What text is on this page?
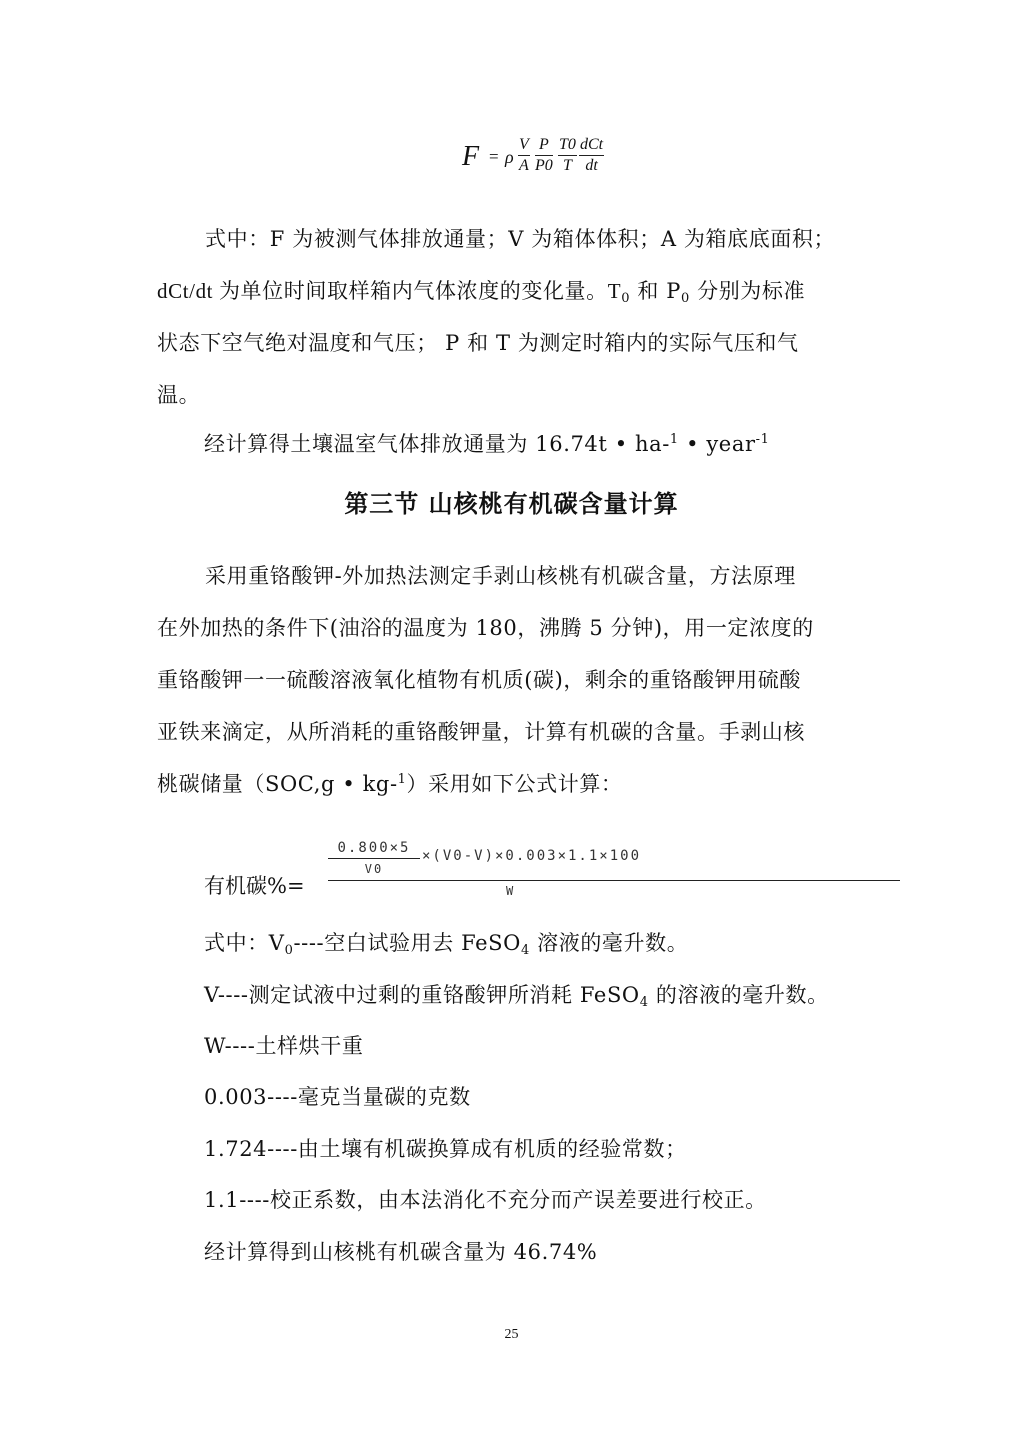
F = ρ $\frac{V}{A} \frac{P}{P0} \frac{T0}{T}$ dCt
dt
式中：F 为被测气体排放通量；V 为箱体体积；A 为箱底底面积；
dCt/dt 为单位时间取样箱内气体浓度的变化量。$T_0$ 和 $P_0$ 分别为标准
状态下空气绝对温度和气压； P 和 T 为测定时箱内的实际气压和气
温。
经计算得土壤温室气体排放通量为 16.74t • ha-$^1$ • year$^{-1}$
第三节 山核桃有机碳含量计算
采用重铬酸钾-外加热法测定手剥山核桃有机碳含量，方法原理
在外加热的条件下(油浴的温度为 180，沸腾 5 分钟)，用一定浓度的
重铬酸钾一一硫酸溶液氧化植物有机质(碳)，剩余的重铬酸钾用硫酸
亚铁来滴定，从所消耗的重铬酸钾量，计算有机碳的含量。手剥山核
桃碳储量（SOC,g • kg-$^1$）采用如下公式计算：
有机碳%=
0.800×5
V0
×(V0-V)×0.003×1.1×100
W
式中：$V_0----$空白试验用去 FeSO$_4$ 溶液的毫升数。
V----测定试液中过剩的重铬酸钾所消耗 FeSO$_4$ 的溶液的毫升数。
W----土样烘干重
0.003----毫克当量碳的克数
1.724----由土壤有机碳换算成有机质的经验常数；
1.1----校正系数，由本法消化不充分而产误差要进行校正。
经计算得到山核桃有机碳含量为 46.74%
25
